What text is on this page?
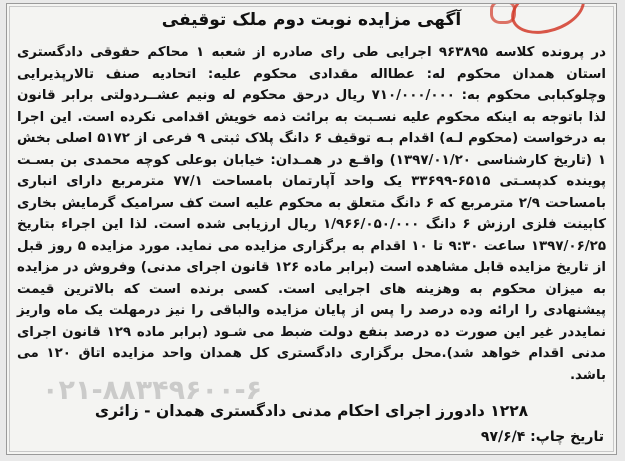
آگهی مزایده نوبت دوم ملک توقیفی

در پرونده کلاسه ۹۶۳۸۹۵ اجرایی طی رای صادره از شعبه ۱ محاکم حقوقی دادگستری استان همدان محکوم له: عطااله مقدادی محکوم علیه: اتحادیه صنف تالارپذیرایی وچلوکبابی محکوم به: ۷۱۰/۰۰۰/۰۰۰ ریال درحق محکوم له ونیم عشــردولتی برابر قانون لذا باتوجه به اینکه محکوم علیه نسـبت به برائت ذمه خویش اقدامی نکرده است. این اجرا به درخواست (محکوم لـه) اقدام بـه توقیف ۶ دانگ پلاک ثبتی ۹ فرعی از ۵۱۷۲ اصلی بخش ۱ (تاریخ کارشناسی ۱۳۹۷/۰۱/۲۰) واقـع در همـدان: خیابان بوعلی کوچه محمدی بن بسـت پوینده کدپسـتی ۶۵۱۵-۳۳۶۹۹ یک واحد آپارتمان بامساحت ۷۷/۱ مترمربع دارای انباری بامساحت ۲/۹ مترمربع که ۶ دانگ متعلق به محکوم علیه است کف سرامیک گرمایش بخاری کابینت فلزی ارزش ۶ دانگ ۱/۹۶۶/۰۵۰/۰۰۰ ریال ارزیابی شده است. لذا این اجراء بتاریخ ۱۳۹۷/۰۶/۲۵ ساعت ۹:۳۰ تا ۱۰ اقدام به برگزاری مزایده می نماید. مورد مزایده ۵ روز قبل از تاریخ مزایده قابل مشاهده است (برابر ماده ۱۲۶ قانون اجرای مدنی) وفروش در مزایده به میزان محکوم به وهزینه های اجرایی است. کسی برنده است که بالاترین قیمت پیشنهادی را ارائه وده درصد را پس از پایان مزایده والباقی را نیز درمهلت یک ماه واریز نمایددر غیر این صورت ده درصد بنفع دولت ضبط می شـود (برابر ماده ۱۲۹ قانون اجرای مدنی اقدام خواهد شد).محل برگزاری دادگستری کل همدان واحد مزایده اتاق ۱۲۰ می باشد.

۰۲۱-۸۸۳۴۹۶۰۰-۶
۱۲۲۸ دادورز اجرای احکام مدنی دادگستری همدان - زائری
تاریخ چاپ: ۹۷/۶/۴
